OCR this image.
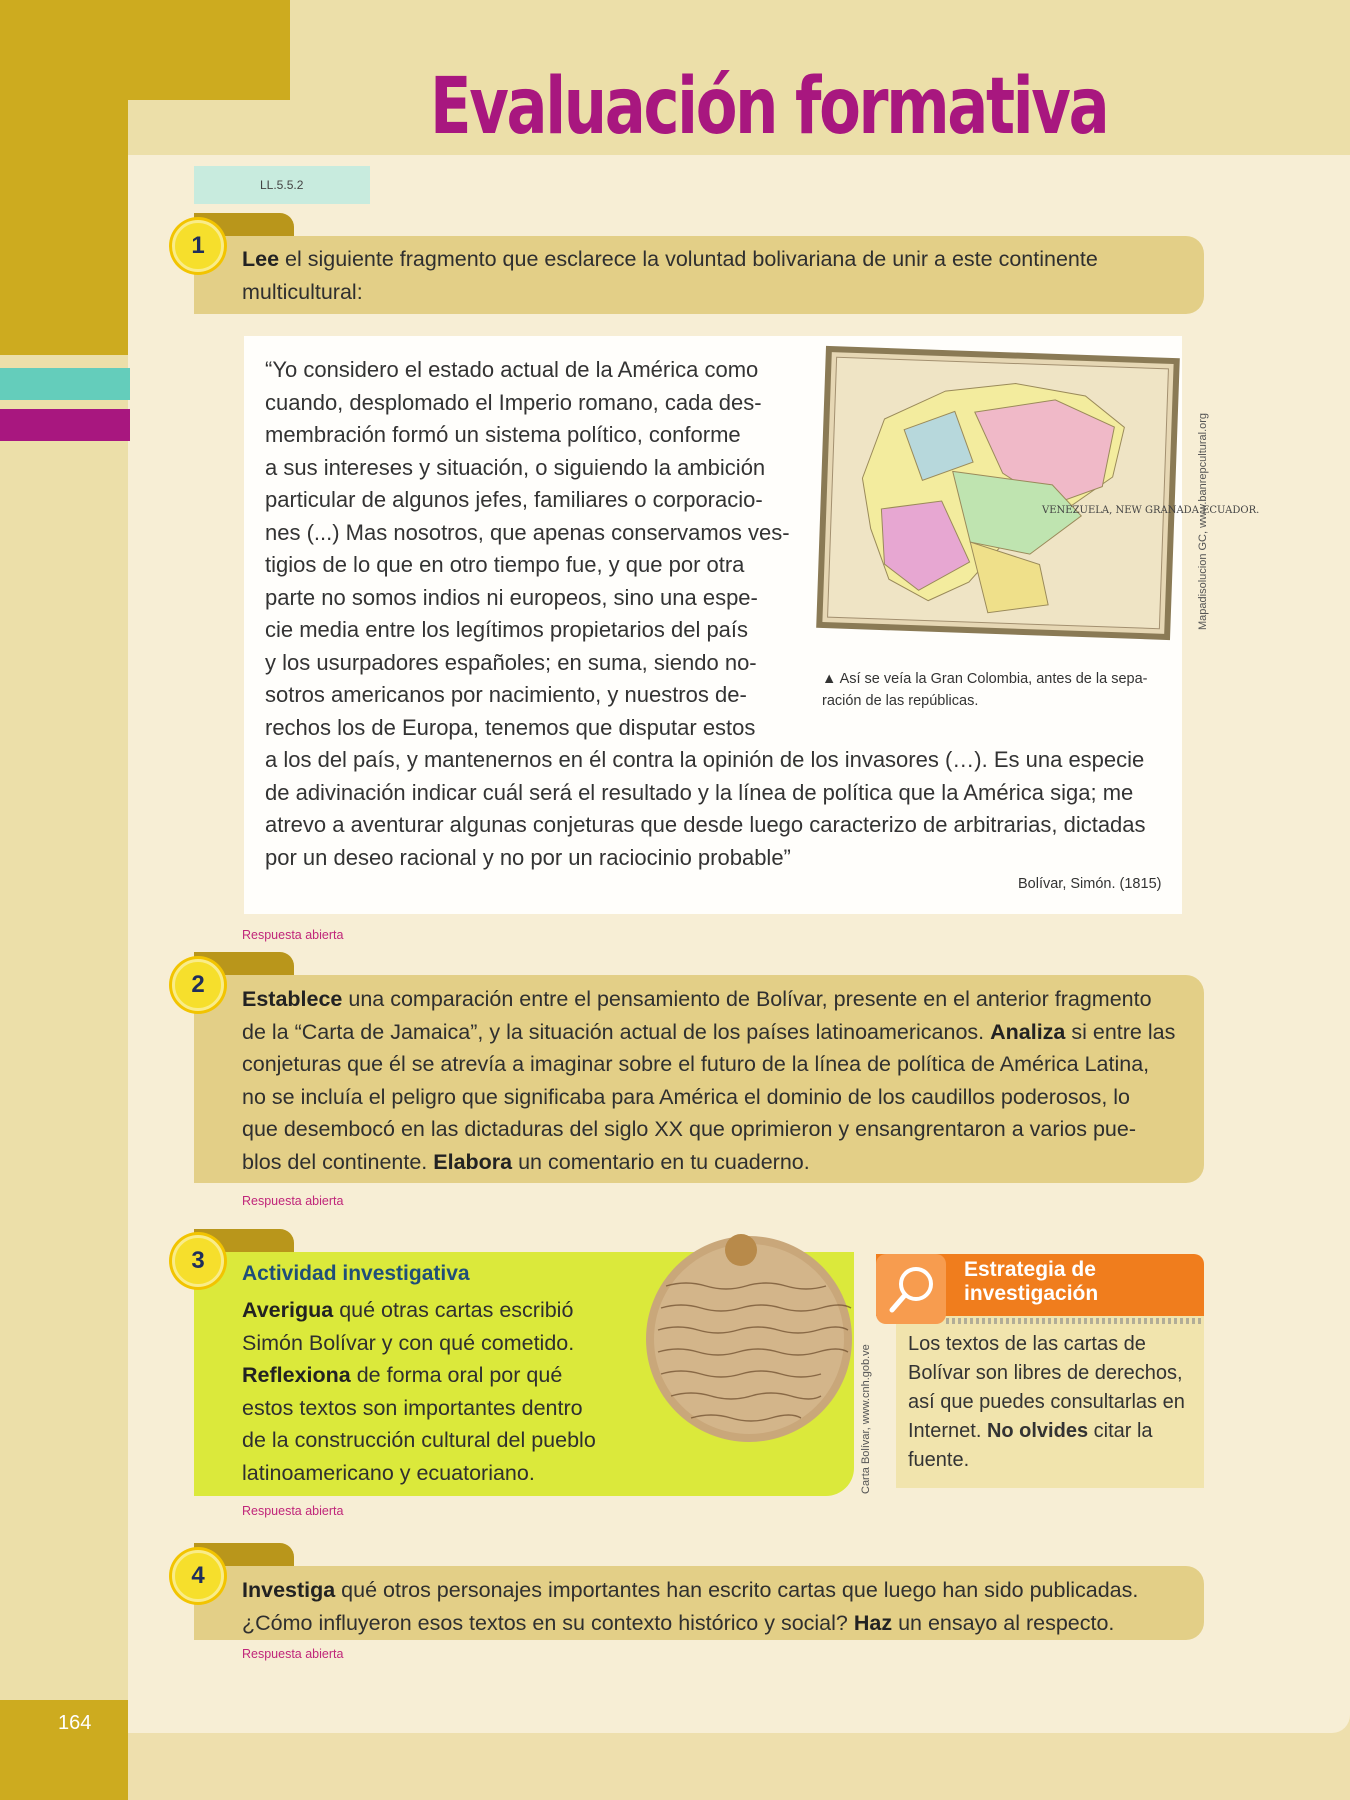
164
Evaluación formativa
LL.5.5.2
1	Lee el siguiente fragmento que esclarece la voluntad bolivariana de unir a este continente
multicultural:
“Yo considero el estado actual de la América como
cuando, desplomado el Imperio romano, cada des-
membración formó un sistema político, conforme
a sus intereses y situación, o siguiendo la ambición
particular de algunos jefes, familiares o corporacio-
nes (...) Mas nosotros, que apenas conservamos ves-
tigios de lo que en otro tiempo fue, y que por otra
parte no somos indios ni europeos, sino una espe-
cie media entre los legítimos propietarios del país
y los usurpadores españoles; en suma, siendo no-
sotros americanos por nacimiento, y nuestros de-
rechos los de Europa, tenemos que disputar estos
a los del país, y mantenernos en él contra la opinión de los invasores (…). Es una especie
de adivinación indicar cuál será el resultado y la línea de política que la América siga; me
atrevo a aventurar algunas conjeturas que desde luego caracterizo de arbitrarias, dictadas
por un deseo racional y no por un raciocinio probable”
VENEZUELA, NEW GRANADA ECUADOR.
▲ Así se veía la Gran Colombia, antes de la sepa- ración de las repúblicas.
Mapadisolucion GC, www.banrepcultural.org
Bolívar, Simón. (1815)
Respuesta abierta
2
Establece una comparación entre el pensamiento de Bolívar, presente en el anterior fragmento
de la “Carta de Jamaica”, y la situación actual de los países latinoamericanos. Analiza si entre las
conjeturas que él se atrevía a imaginar sobre el futuro de la línea de política de América Latina,
no se incluía el peligro que significaba para América el dominio de los caudillos poderosos, lo
que desembocó en las dictaduras del siglo XX que oprimieron y ensangrentaron a varios pue-
blos del continente. Elabora un comentario en tu cuaderno.
Respuesta abierta
3	Actividad investigativa
Averigua qué otras cartas escribió
Simón Bolívar y con qué cometido.
Reflexiona de forma oral por qué
estos textos son importantes dentro
de la construcción cultural del pueblo
latinoamericano y ecuatoriano.	Carta Bolívar, www.cnh.gob.ve
Respuesta abierta
Estrategia de
investigación
Los textos de las cartas de Bolívar son libres de derechos, así que puedes consultarlas en Internet. No olvides citar la fuente.
4
Investiga qué otros personajes importantes han escrito cartas que luego han sido publicadas.
¿Cómo influyeron esos textos en su contexto histórico y social? Haz un ensayo al respecto.
Respuesta abierta
